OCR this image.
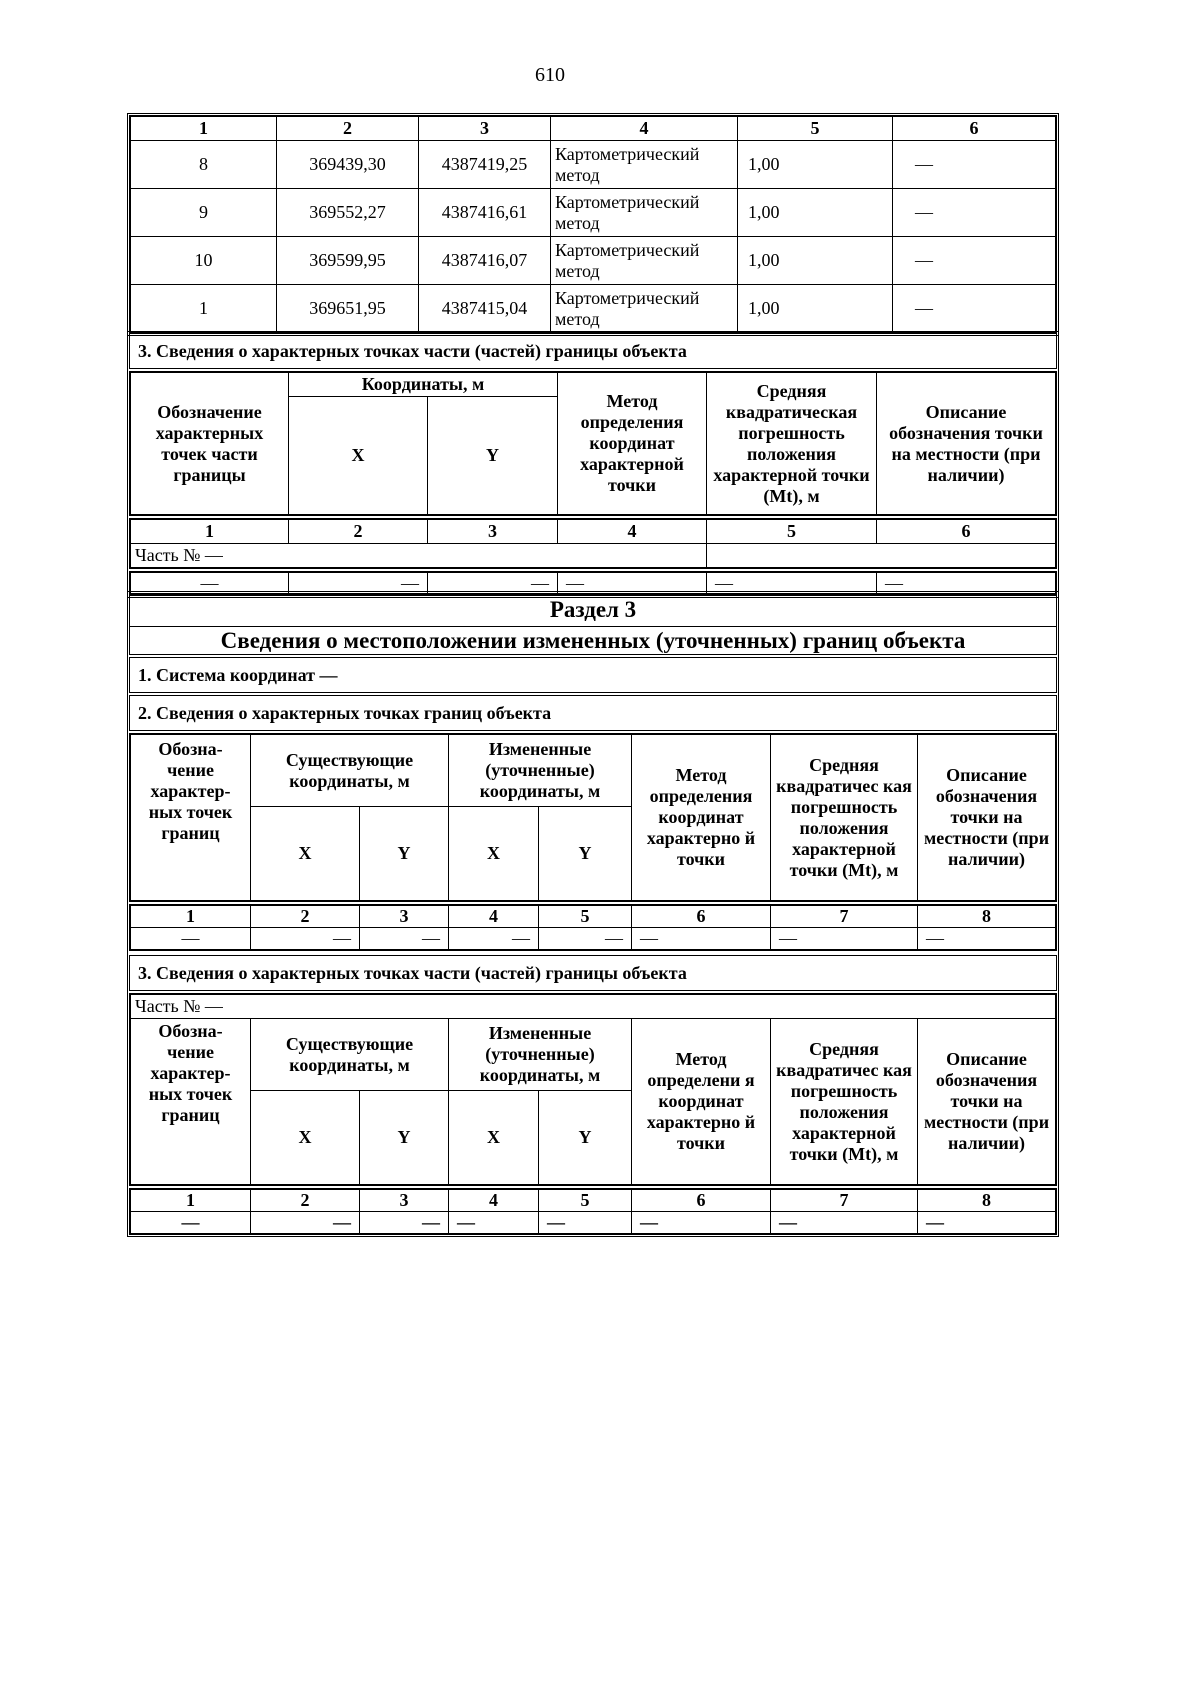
610
1	2	3	4	5	6
8	369439,30	4387419,25	Картометрический метод	1,00	—
9	369552,27	4387416,61	Картометрический метод	1,00	—
10	369599,95	4387416,07	Картометрический метод	1,00	—
1	369651,95	4387415,04	Картометрический метод	1,00	—
3. Сведения о характерных точках части (частей) границы объекта
Обозначение характерных точек части границы	Координаты, м		Метод определения координат характерной точки	Средняя квадратическая погрешность положения характерной точки (Мt), м	Описание обозначения точки на местности (при наличии)
	X	Y			
1	2	3	4	5	6
Часть № —					
—	—	—	—	—	—
Раздел 3
Сведения о местоположении измененных (уточненных) границ объекта
1. Система координат —
2. Сведения о характерных точках границ объекта
Обозна-чение характер-ных точек границ	Существующие координаты, м		Измененные (уточненные) координаты, м		Метод определения координат характерно й точки	Средняя квадратичес кая погрешность положения характерной точки (Мt), м	Описание обозначения точки на местности (при наличии)
	X	Y	X	Y			
1	2	3	4	5	6	7	8
—	—	—	—	—	—	—	—
3. Сведения о характерных точках части (частей) границы объекта
Часть № —							
Обозна-чение характер-ных точек границ	Существующие координаты, м		Измененные (уточненные) координаты, м		Метод определени я координат характерно й точки	Средняя квадратичес кая погрешность положения характерной точки (Мt), м	Описание обозначения точки на местности (при наличии)
	X	Y	X	Y			
1	2	3	4	5	6	7	8
—	—	—	—	—	—	—	—
